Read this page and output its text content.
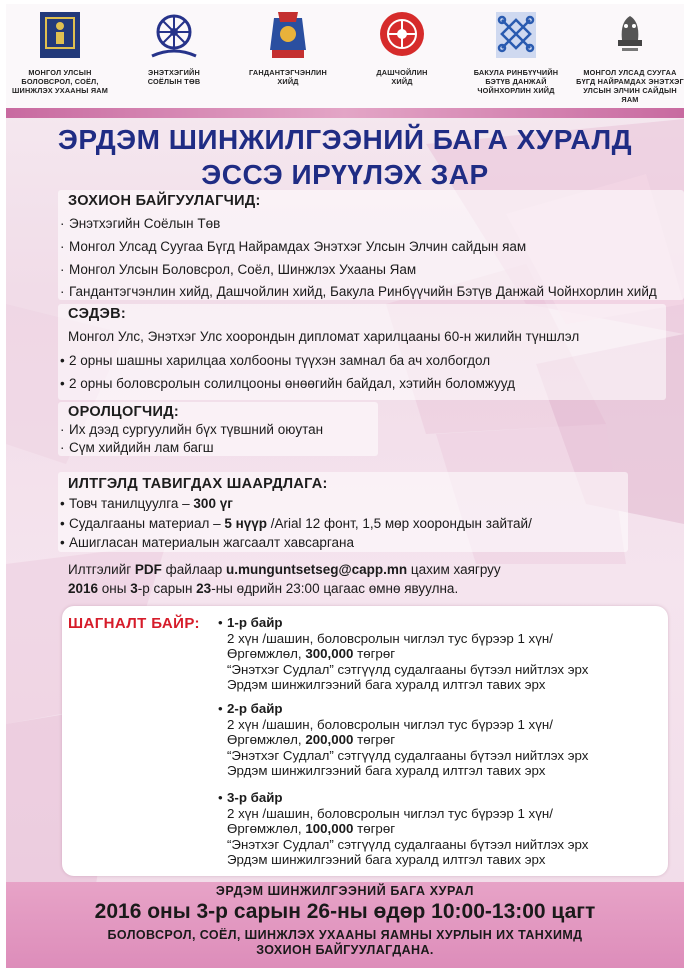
МОНГОЛ УЛСЫН
БОЛОВСРОЛ, СОЁЛ,
ШИНЖЛЭХ УХААНЫ ЯАМ
ЭНЭТХЭГИЙН
СОЁЛЫН ТӨВ
ГАНДАНТЭГЧЭНЛИН
ХИЙД
ДАШЧОЙЛИН
ХИЙД
БАКУЛА РИНБҮҮЧИЙН
БЭТҮВ ДАНЖАЙ
ЧОЙНХОРЛИН ХИЙД
МОНГОЛ УЛСАД СУУГАА
БҮГД НАЙРАМДАХ ЭНЭТХЭГ
УЛСЫН ЭЛЧИН САЙДЫН ЯАМ
ЭРДЭМ ШИНЖИЛГЭЭНИЙ БАГА ХУРАЛД
ЭССЭ ИРҮҮЛЭХ ЗАР
ЗОХИОН БАЙГУУЛАГЧИД:
· Энэтхэгийн Соёлын Төв
· Монгол Улсад Суугаа Бүгд Найрамдах Энэтхэг Улсын Элчин сайдын яам
· Монгол Улсын Боловсрол, Соёл, Шинжлэх Ухааны Яам
· Гандантэгчэнлин хийд, Дашчойлин хийд, Бакула Ринбүүчийн Бэтүв Данжай Чойнхорлин хийд
СЭДЭВ:
Монгол Улс, Энэтхэг Улс хоорондын дипломат харилцааны 60-н жилийн түншлэл
• 2 орны шашны харилцаа холбооны түүхэн замнал ба ач холбогдол
• 2 орны боловсролын солилцооны өнөөгийн байдал, хэтийн боломжууд
ОРОЛЦОГЧИД:
· Их дээд сургуулийн бүх түвшний оюутан
· Сүм хийдийн лам багш
ИЛТГЭЛД ТАВИГДАХ ШААРДЛАГА:
• Товч танилцуулга – 300 үг
• Судалгааны материал – 5 нүүр /Arial 12 фонт, 1,5 мөр хоорондын зайтай/
• Ашигласан материалын жагсаалт хавсаргана
Илтгэлийг PDF файлаар u.munguntsetseg@capp.mn цахим хаягруу
2016 оны 3-р сарын 23-ны өдрийн 23:00 цагаас өмнө явуулна.
ШАГНАЛТ БАЙР: • 1-р байр
2 хүн /шашин, боловсролын чиглэл тус бүрээр 1 хүн/
Өргөмжлөл, 300,000 төгрөг
“Энэтхэг Судлал” сэтгүүлд судалгааны бүтээл нийтлэх эрх
Эрдэм шинжилгээний бага хуралд илтгэл тавих эрх
• 2-р байр
2 хүн /шашин, боловсролын чиглэл тус бүрээр 1 хүн/
Өргөмжлөл, 200,000 төгрөг
“Энэтхэг Судлал” сэтгүүлд судалгааны бүтээл нийтлэх эрх
Эрдэм шинжилгээний бага хуралд илтгэл тавих эрх
• 3-р байр
2 хүн /шашин, боловсролын чиглэл тус бүрээр 1 хүн/
Өргөмжлөл, 100,000 төгрөг
“Энэтхэг Судлал” сэтгүүлд судалгааны бүтээл нийтлэх эрх
Эрдэм шинжилгээний бага хуралд илтгэл тавих эрх
ЭРДЭМ ШИНЖИЛГЭЭНИЙ БАГА ХУРАЛ
2016 оны 3-р сарын 26-ны өдөр 10:00-13:00 цагт
БОЛОВСРОЛ, СОЁЛ, ШИНЖЛЭХ УХААНЫ ЯАМНЫ ХУРЛЫН ИХ ТАНХИМД
ЗОХИОН БАЙГУУЛАГДАНА.
